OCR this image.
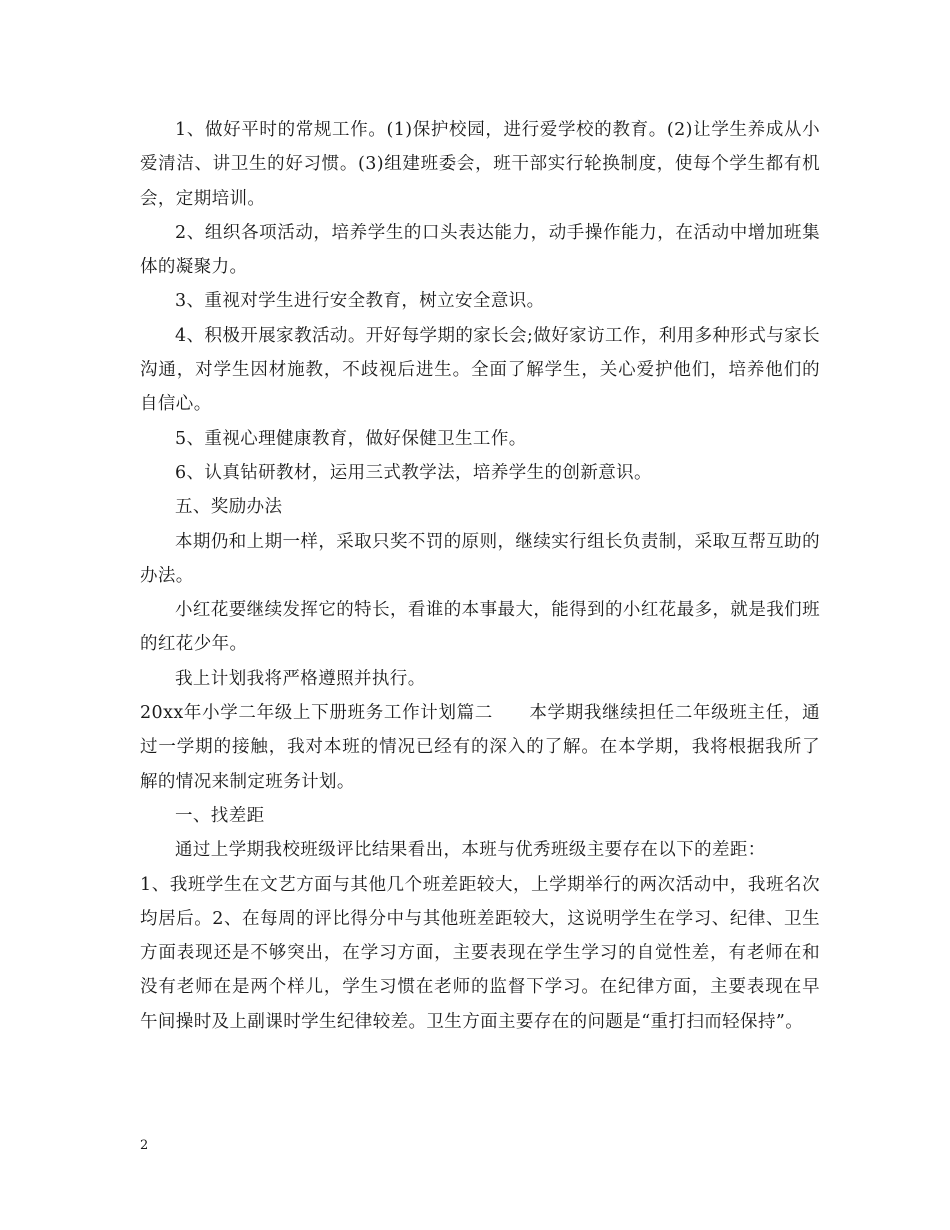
1、做好平时的常规工作。(1)保护校园，进行爱学校的教育。(2)让学生养成从小爱清洁、讲卫生的好习惯。(3)组建班委会，班干部实行轮换制度，使每个学生都有机会，定期培训。

2、组织各项活动，培养学生的口头表达能力，动手操作能力，在活动中增加班集体的凝聚力。

3、重视对学生进行安全教育，树立安全意识。

4、积极开展家教活动。开好每学期的家长会;做好家访工作，利用多种形式与家长沟通，对学生因材施教，不歧视后进生。全面了解学生，关心爱护他们，培养他们的自信心。

5、重视心理健康教育，做好保健卫生工作。

6、认真钻研教材，运用三式教学法，培养学生的创新意识。

五、奖励办法

本期仍和上期一样，采取只奖不罚的原则，继续实行组长负责制，采取互帮互助的办法。

小红花要继续发挥它的特长，看谁的本事最大，能得到的小红花最多，就是我们班的红花少年。

我上计划我将严格遵照并执行。

20xx年小学二年级上下册班务工作计划篇二　　本学期我继续担任二年级班主任，通过一学期的接触，我对本班的情况已经有的深入的了解。在本学期，我将根据我所了解的情况来制定班务计划。

一、找差距

通过上学期我校班级评比结果看出，本班与优秀班级主要存在以下的差距：

1、我班学生在文艺方面与其他几个班差距较大，上学期举行的两次活动中，我班名次均居后。2、在每周的评比得分中与其他班差距较大，这说明学生在学习、纪律、卫生方面表现还是不够突出，在学习方面，主要表现在学生学习的自觉性差，有老师在和没有老师在是两个样儿，学生习惯在老师的监督下学习。在纪律方面，主要表现在早午间操时及上副课时学生纪律较差。卫生方面主要存在的问题是“重打扫而轻保持”。

2
